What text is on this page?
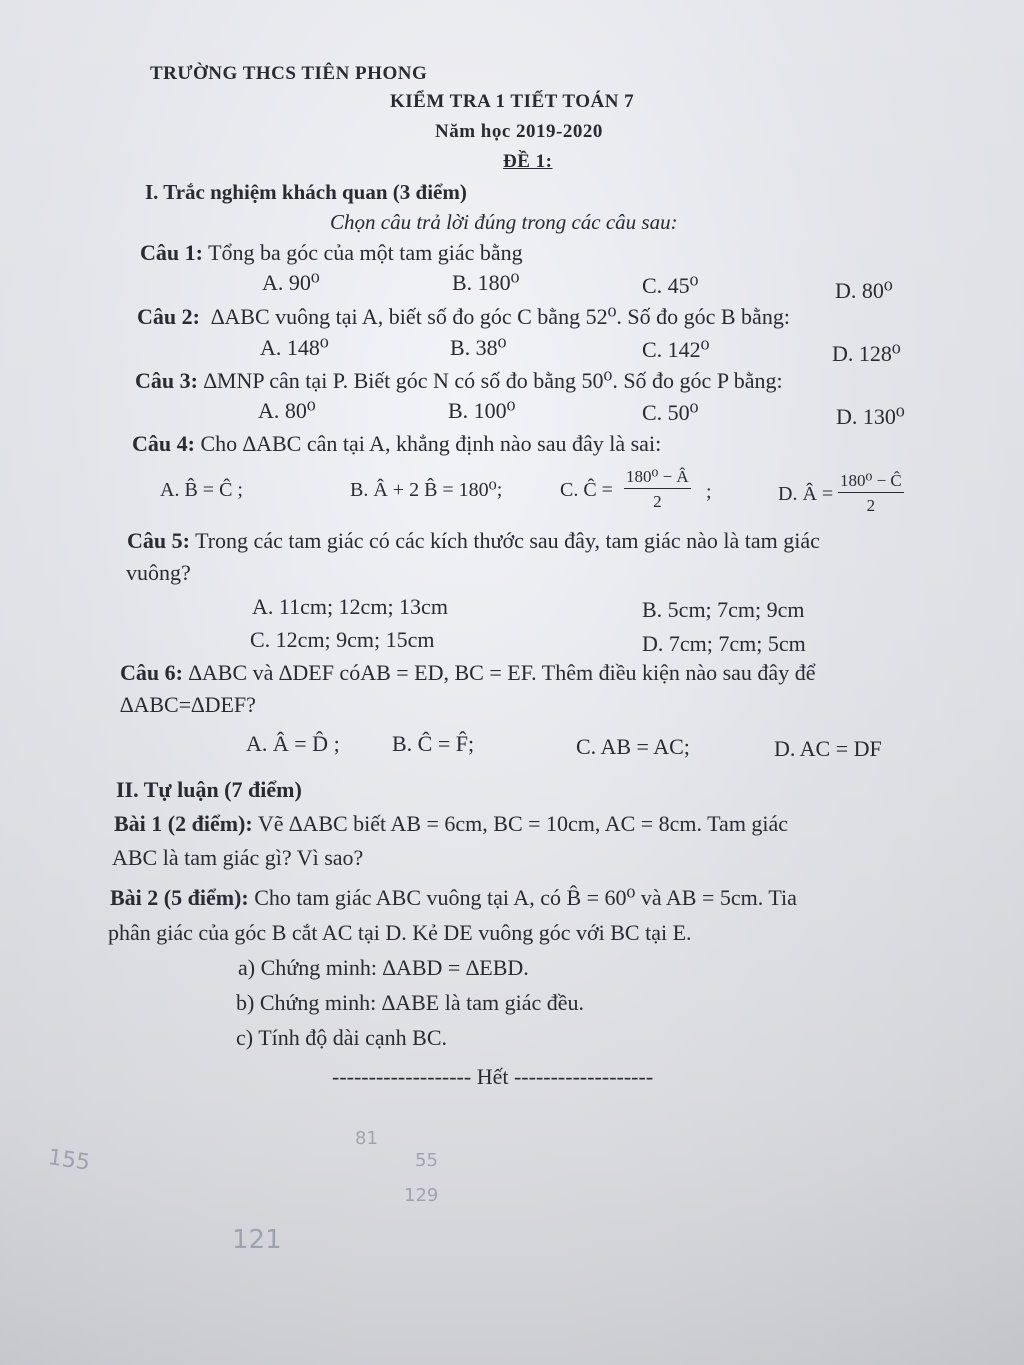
TRƯỜNG THCS TIÊN PHONG
KIỂM TRA 1 TIẾT TOÁN 7
Năm học 2019-2020
ĐỀ 1:
I. Trắc nghiệm khách quan (3 điểm)
Chọn câu trả lời đúng trong các câu sau:
Câu 1: Tổng ba góc của một tam giác bằng
A. 90⁰	B. 180⁰	C. 45⁰	D. 80⁰
Câu 2: ∆ABC vuông tại A, biết số đo góc C bằng 52⁰. Số đo góc B bằng:
A. 148⁰	B. 38⁰	C. 142⁰	D. 128⁰
Câu 3: ∆MNP cân tại P. Biết góc N có số đo bằng 50⁰. Số đo góc P bằng:
A. 80⁰	B. 100⁰	C. 50⁰	D. 130⁰
Câu 4: Cho ∆ABC cân tại A, khẳng định nào sau đây là sai:
A. B̂ = Ĉ ;	B. Â + 2 B̂ = 180⁰;	C. Ĉ = $\frac{\text{180⁰ − Â}}{2}$ ;	D. Â = $\frac{\text{180⁰ − Ĉ}}{2}$
Câu 5: Trong các tam giác có các kích thước sau đây, tam giác nào là tam giác
vuông?
A. 11cm; 12cm; 13cm	B. 5cm; 7cm; 9cm
C. 12cm; 9cm; 15cm	D. 7cm; 7cm; 5cm
Câu 6: ∆ABC và ∆DEF cóAB = ED, BC = EF. Thêm điều kiện nào sau đây để
∆ABC=∆DEF?
A. Â = D̂ ; B. Ĉ = F̂;	C. AB = AC;	D. AC = DF
II. Tự luận (7 điểm)
Bài 1 (2 điểm): Vẽ ∆ABC biết AB = 6cm, BC = 10cm, AC = 8cm. Tam giác
ABC là tam giác gì? Vì sao?
Bài 2 (5 điểm): Cho tam giác ABC vuông tại A, có B̂ = 60⁰ và AB = 5cm. Tia
phân giác của góc B cắt AC tại D. Kẻ DE vuông góc với BC tại E.
a) Chứng minh: ∆ABD = ∆EBD.
b) Chứng minh: ∆ABE là tam giác đều.
c) Tính độ dài cạnh BC.
------------------- Hết -------------------
155
81
55
129
121
